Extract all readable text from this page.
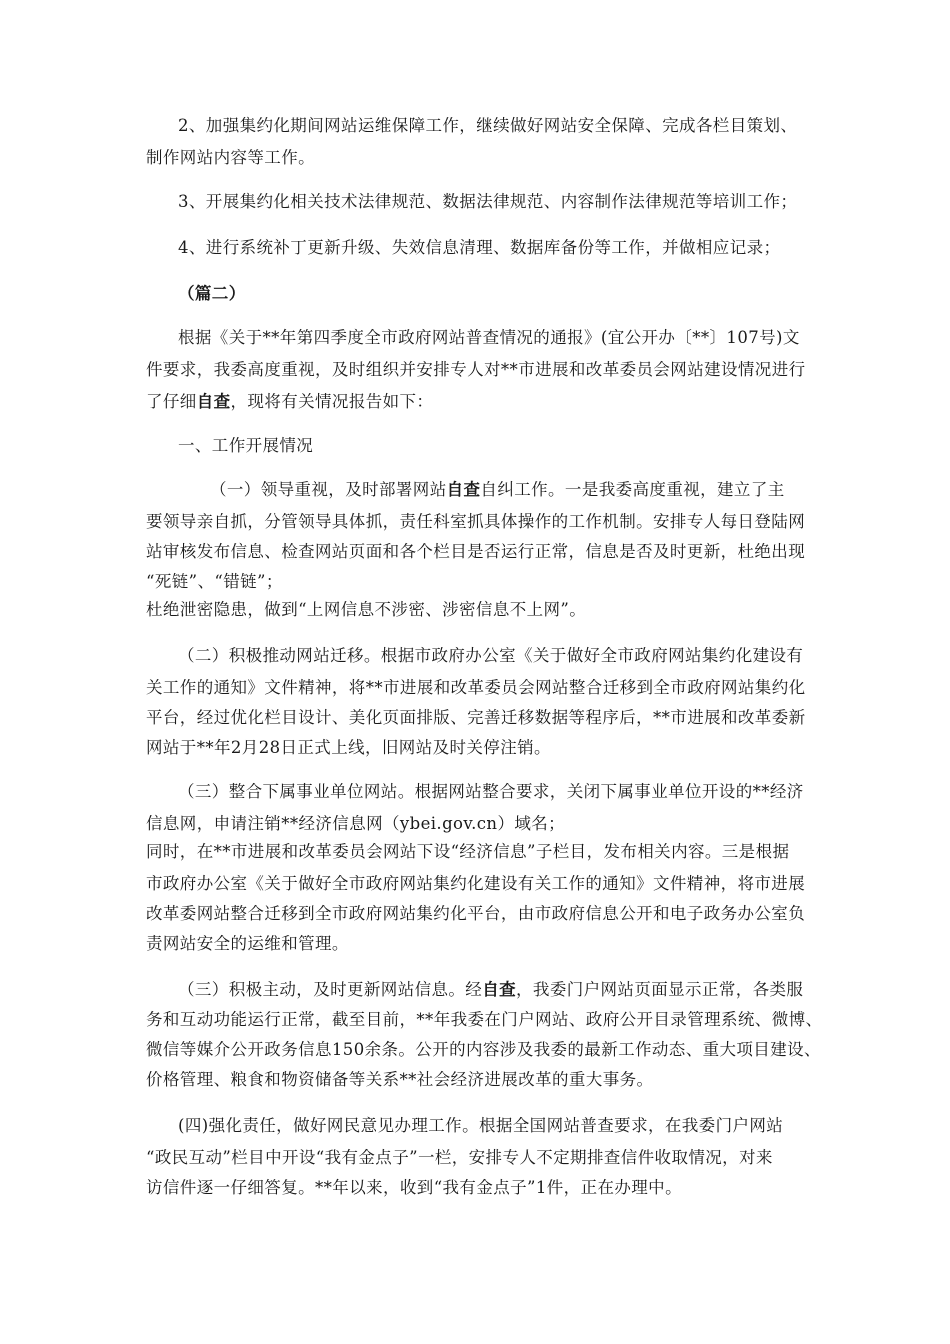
2、加强集约化期间网站运维保障工作，继续做好网站安全保障、完成各栏目策划、
制作网站内容等工作。
3、开展集约化相关技术法律规范、数据法律规范、内容制作法律规范等培训工作；
4、进行系统补丁更新升级、失效信息清理、数据库备份等工作，并做相应记录；
（篇二）
根据《关于**年第四季度全市政府网站普查情况的通报》(宜公开办〔**〕107号)文
件要求，我委高度重视，及时组织并安排专人对**市进展和改革委员会网站建设情况进行
了仔细自查，现将有关情况报告如下：
一、工作开展情况
（一）领导重视，及时部署网站自查自纠工作。一是我委高度重视，建立了主
要领导亲自抓，分管领导具体抓，责任科室抓具体操作的工作机制。安排专人每日登陆网
站审核发布信息、检查网站页面和各个栏目是否运行正常，信息是否及时更新，杜绝出现
“死链”、“错链”；
杜绝泄密隐患，做到“上网信息不涉密、涉密信息不上网”。
（二）积极推动网站迁移。根据市政府办公室《关于做好全市政府网站集约化建设有
关工作的通知》文件精神，将**市进展和改革委员会网站整合迁移到全市政府网站集约化
平台，经过优化栏目设计、美化页面排版、完善迁移数据等程序后，**市进展和改革委新
网站于**年2月28日正式上线，旧网站及时关停注销。
（三）整合下属事业单位网站。根据网站整合要求，关闭下属事业单位开设的**经济
信息网，申请注销**经济信息网（ybei.gov.cn）域名；
同时，在**市进展和改革委员会网站下设“经济信息”子栏目，发布相关内容。三是根据
市政府办公室《关于做好全市政府网站集约化建设有关工作的通知》文件精神，将市进展
改革委网站整合迁移到全市政府网站集约化平台，由市政府信息公开和电子政务办公室负
责网站安全的运维和管理。
（三）积极主动，及时更新网站信息。经自查，我委门户网站页面显示正常，各类服
务和互动功能运行正常，截至目前，**年我委在门户网站、政府公开目录管理系统、微博、
微信等媒介公开政务信息150余条。公开的内容涉及我委的最新工作动态、重大项目建设、
价格管理、粮食和物资储备等关系**社会经济进展改革的重大事务。
(四)强化责任，做好网民意见办理工作。根据全国网站普查要求，在我委门户网站
“政民互动”栏目中开设“我有金点子”一栏，安排专人不定期排查信件收取情况，对来
访信件逐一仔细答复。**年以来，收到“我有金点子”1件，正在办理中。
